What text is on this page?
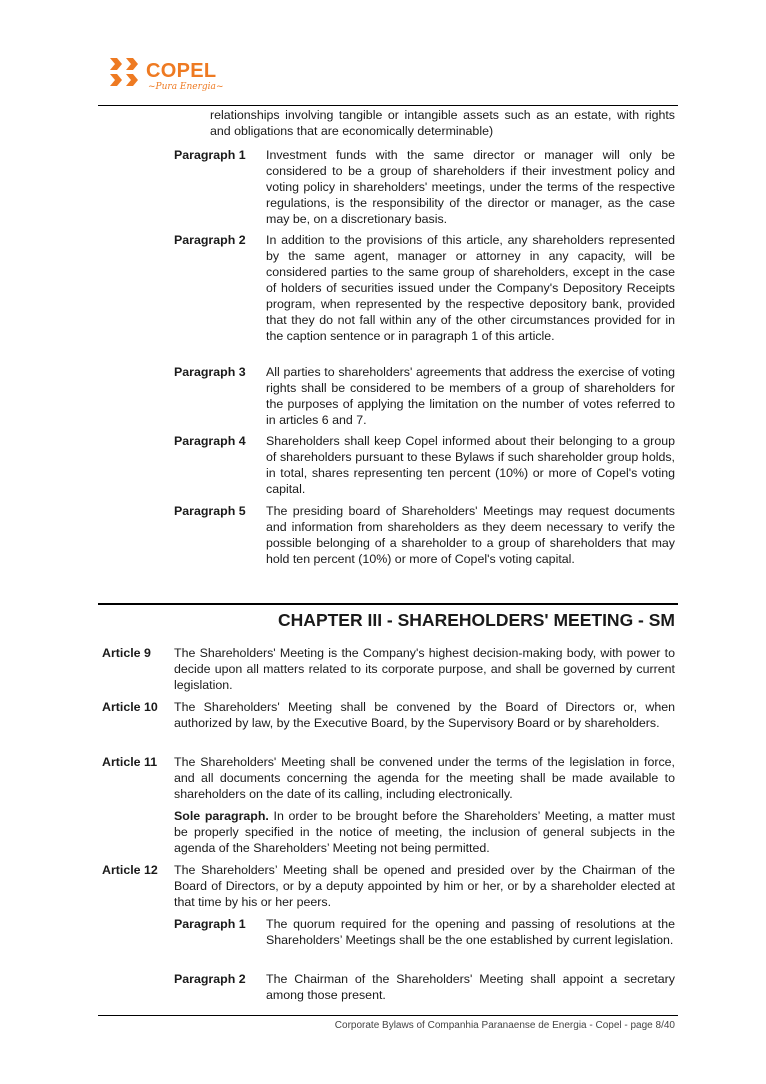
COPEL
~Pura Energia~

relationships involving tangible or intangible assets such as an estate, with rights and obligations that are economically determinable)

Paragraph 1 Investment funds with the same director or manager will only be considered to be a group of shareholders if their investment policy and voting policy in shareholders' meetings, under the terms of the respective regulations, is the responsibility of the director or manager, as the case may be, on a discretionary basis.

Paragraph 2 In addition to the provisions of this article, any shareholders represented by the same agent, manager or attorney in any capacity, will be considered parties to the same group of shareholders, except in the case of holders of securities issued under the Company's Depository Receipts program, when represented by the respective depository bank, provided that they do not fall within any of the other circumstances provided for in the caption sentence or in paragraph 1 of this article.

Paragraph 3 All parties to shareholders' agreements that address the exercise of voting rights shall be considered to be members of a group of shareholders for the purposes of applying the limitation on the number of votes referred to in articles 6 and 7.

Paragraph 4 Shareholders shall keep Copel informed about their belonging to a group of shareholders pursuant to these Bylaws if such shareholder group holds, in total, shares representing ten percent (10%) or more of Copel's voting capital.

Paragraph 5 The presiding board of Shareholders' Meetings may request documents and information from shareholders as they deem necessary to verify the possible belonging of a shareholder to a group of shareholders that may hold ten percent (10%) or more of Copel's voting capital.

CHAPTER III - SHAREHOLDERS' MEETING - SM
Article 9 The Shareholders' Meeting is the Company's highest decision-making body, with power to decide upon all matters related to its corporate purpose, and shall be governed by current legislation.

Article 10 The Shareholders' Meeting shall be convened by the Board of Directors or, when authorized by law, by the Executive Board, by the Supervisory Board or by shareholders.

Article 11 The Shareholders' Meeting shall be convened under the terms of the legislation in force, and all documents concerning the agenda for the meeting shall be made available to shareholders on the date of its calling, including electronically.

Sole paragraph. In order to be brought before the Shareholders’ Meeting, a matter must be properly specified in the notice of meeting, the inclusion of general subjects in the agenda of the Shareholders’ Meeting not being permitted.

Article 12 The Shareholders’ Meeting shall be opened and presided over by the Chairman of the Board of Directors, or by a deputy appointed by him or her, or by a shareholder elected at that time by his or her peers.

Paragraph 1 The quorum required for the opening and passing of resolutions at the Shareholders’ Meetings shall be the one established by current legislation.

Paragraph 2 The Chairman of the Shareholders' Meeting shall appoint a secretary among those present.

Corporate Bylaws of Companhia Paranaense de Energia - Copel - page 8/40
